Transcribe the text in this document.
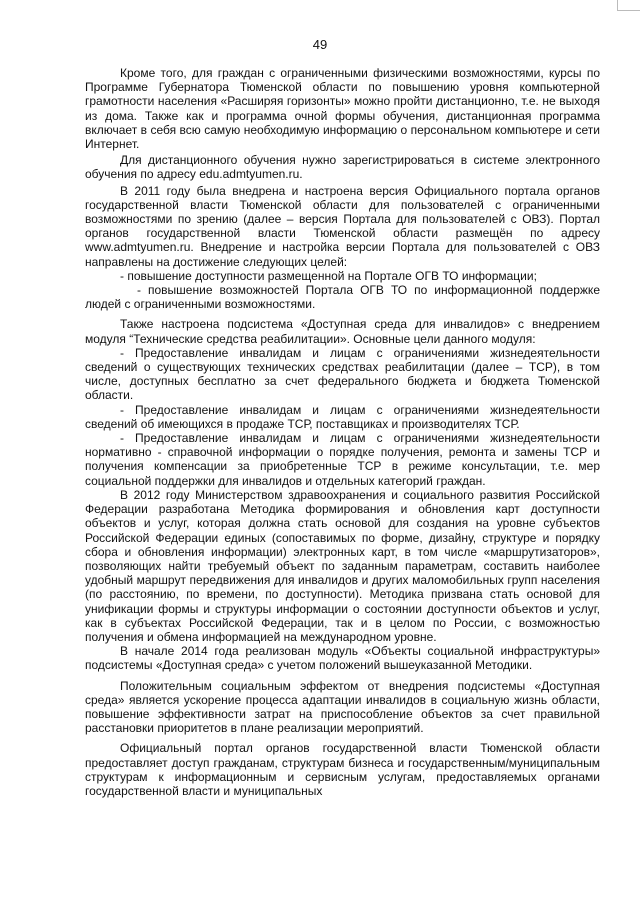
49

Кроме того, для граждан с ограниченными физическими возможностями, курсы по Программе Губернатора Тюменской области по повышению уровня компьютерной грамотности населения «Расширяя горизонты» можно пройти дистанционно, т.е. не выходя из дома. Также как и программа очной формы обучения, дистанционная программа включает в себя всю самую необходимую информацию о персональном компьютере и сети Интернет.

Для дистанционного обучения нужно зарегистрироваться в системе электронного обучения по адресу edu.admtyumen.ru.

В 2011 году была внедрена и настроена версия Официального портала органов государственной власти Тюменской области для пользователей с ограниченными возможностями по зрению (далее – версия Портала для пользователей с ОВЗ). Портал органов государственной власти Тюменской области размещён по адресу www.admtyumen.ru. Внедрение и настройка версии Портала для пользователей с ОВЗ направлены на достижение следующих целей:

- повышение доступности размещенной на Портале ОГВ ТО информации;

- повышение возможностей Портала ОГВ ТО по информационной поддержке людей с ограниченными возможностями.

Также настроена подсистема «Доступная среда для инвалидов» с внедрением модуля “Технические средства реабилитации». Основные цели данного модуля:

- Предоставление инвалидам и лицам с ограничениями жизнедеятельности сведений о существующих технических средствах реабилитации (далее – ТСР), в том числе, доступных бесплатно за счет федерального бюджета и бюджета Тюменской области.

- Предоставление инвалидам и лицам с ограничениями жизнедеятельности сведений об имеющихся в продаже ТСР, поставщиках и производителях ТСР.

- Предоставление инвалидам и лицам с ограничениями жизнедеятельности нормативно - справочной информации о порядке получения, ремонта и замены ТСР и получения компенсации за приобретенные ТСР в режиме консультации, т.е. мер социальной поддержки для инвалидов и отдельных категорий граждан.

В 2012 году Министерством здравоохранения и социального развития Российской Федерации разработана Методика формирования и обновления карт доступности объектов и услуг, которая должна стать основой для создания на уровне субъектов Российской Федерации единых (сопоставимых по форме, дизайну, структуре и порядку сбора и обновления информации) электронных карт, в том числе «маршрутизаторов», позволяющих найти требуемый объект по заданным параметрам, составить наиболее удобный маршрут передвижения для инвалидов и других маломобильных групп населения (по расстоянию, по времени, по доступности). Методика призвана стать основой для унификации формы и структуры информации о состоянии доступности объектов и услуг, как в субъектах Российской Федерации, так и в целом по России, с возможностью получения и обмена информацией на международном уровне.

В начале 2014 года реализован модуль «Объекты социальной инфраструктуры» подсистемы «Доступная среда» с учетом положений вышеуказанной Методики.

Положительным социальным эффектом от внедрения подсистемы «Доступная среда» является ускорение процесса адаптации инвалидов в социальную жизнь области, повышение эффективности затрат на приспособление объектов за счет правильной расстановки приоритетов в плане реализации мероприятий.

Официальный портал органов государственной власти Тюменской области предоставляет доступ гражданам, структурам бизнеса и государственным/муниципальным структурам к информационным и сервисным услугам, предоставляемых органами государственной власти и муниципальных
